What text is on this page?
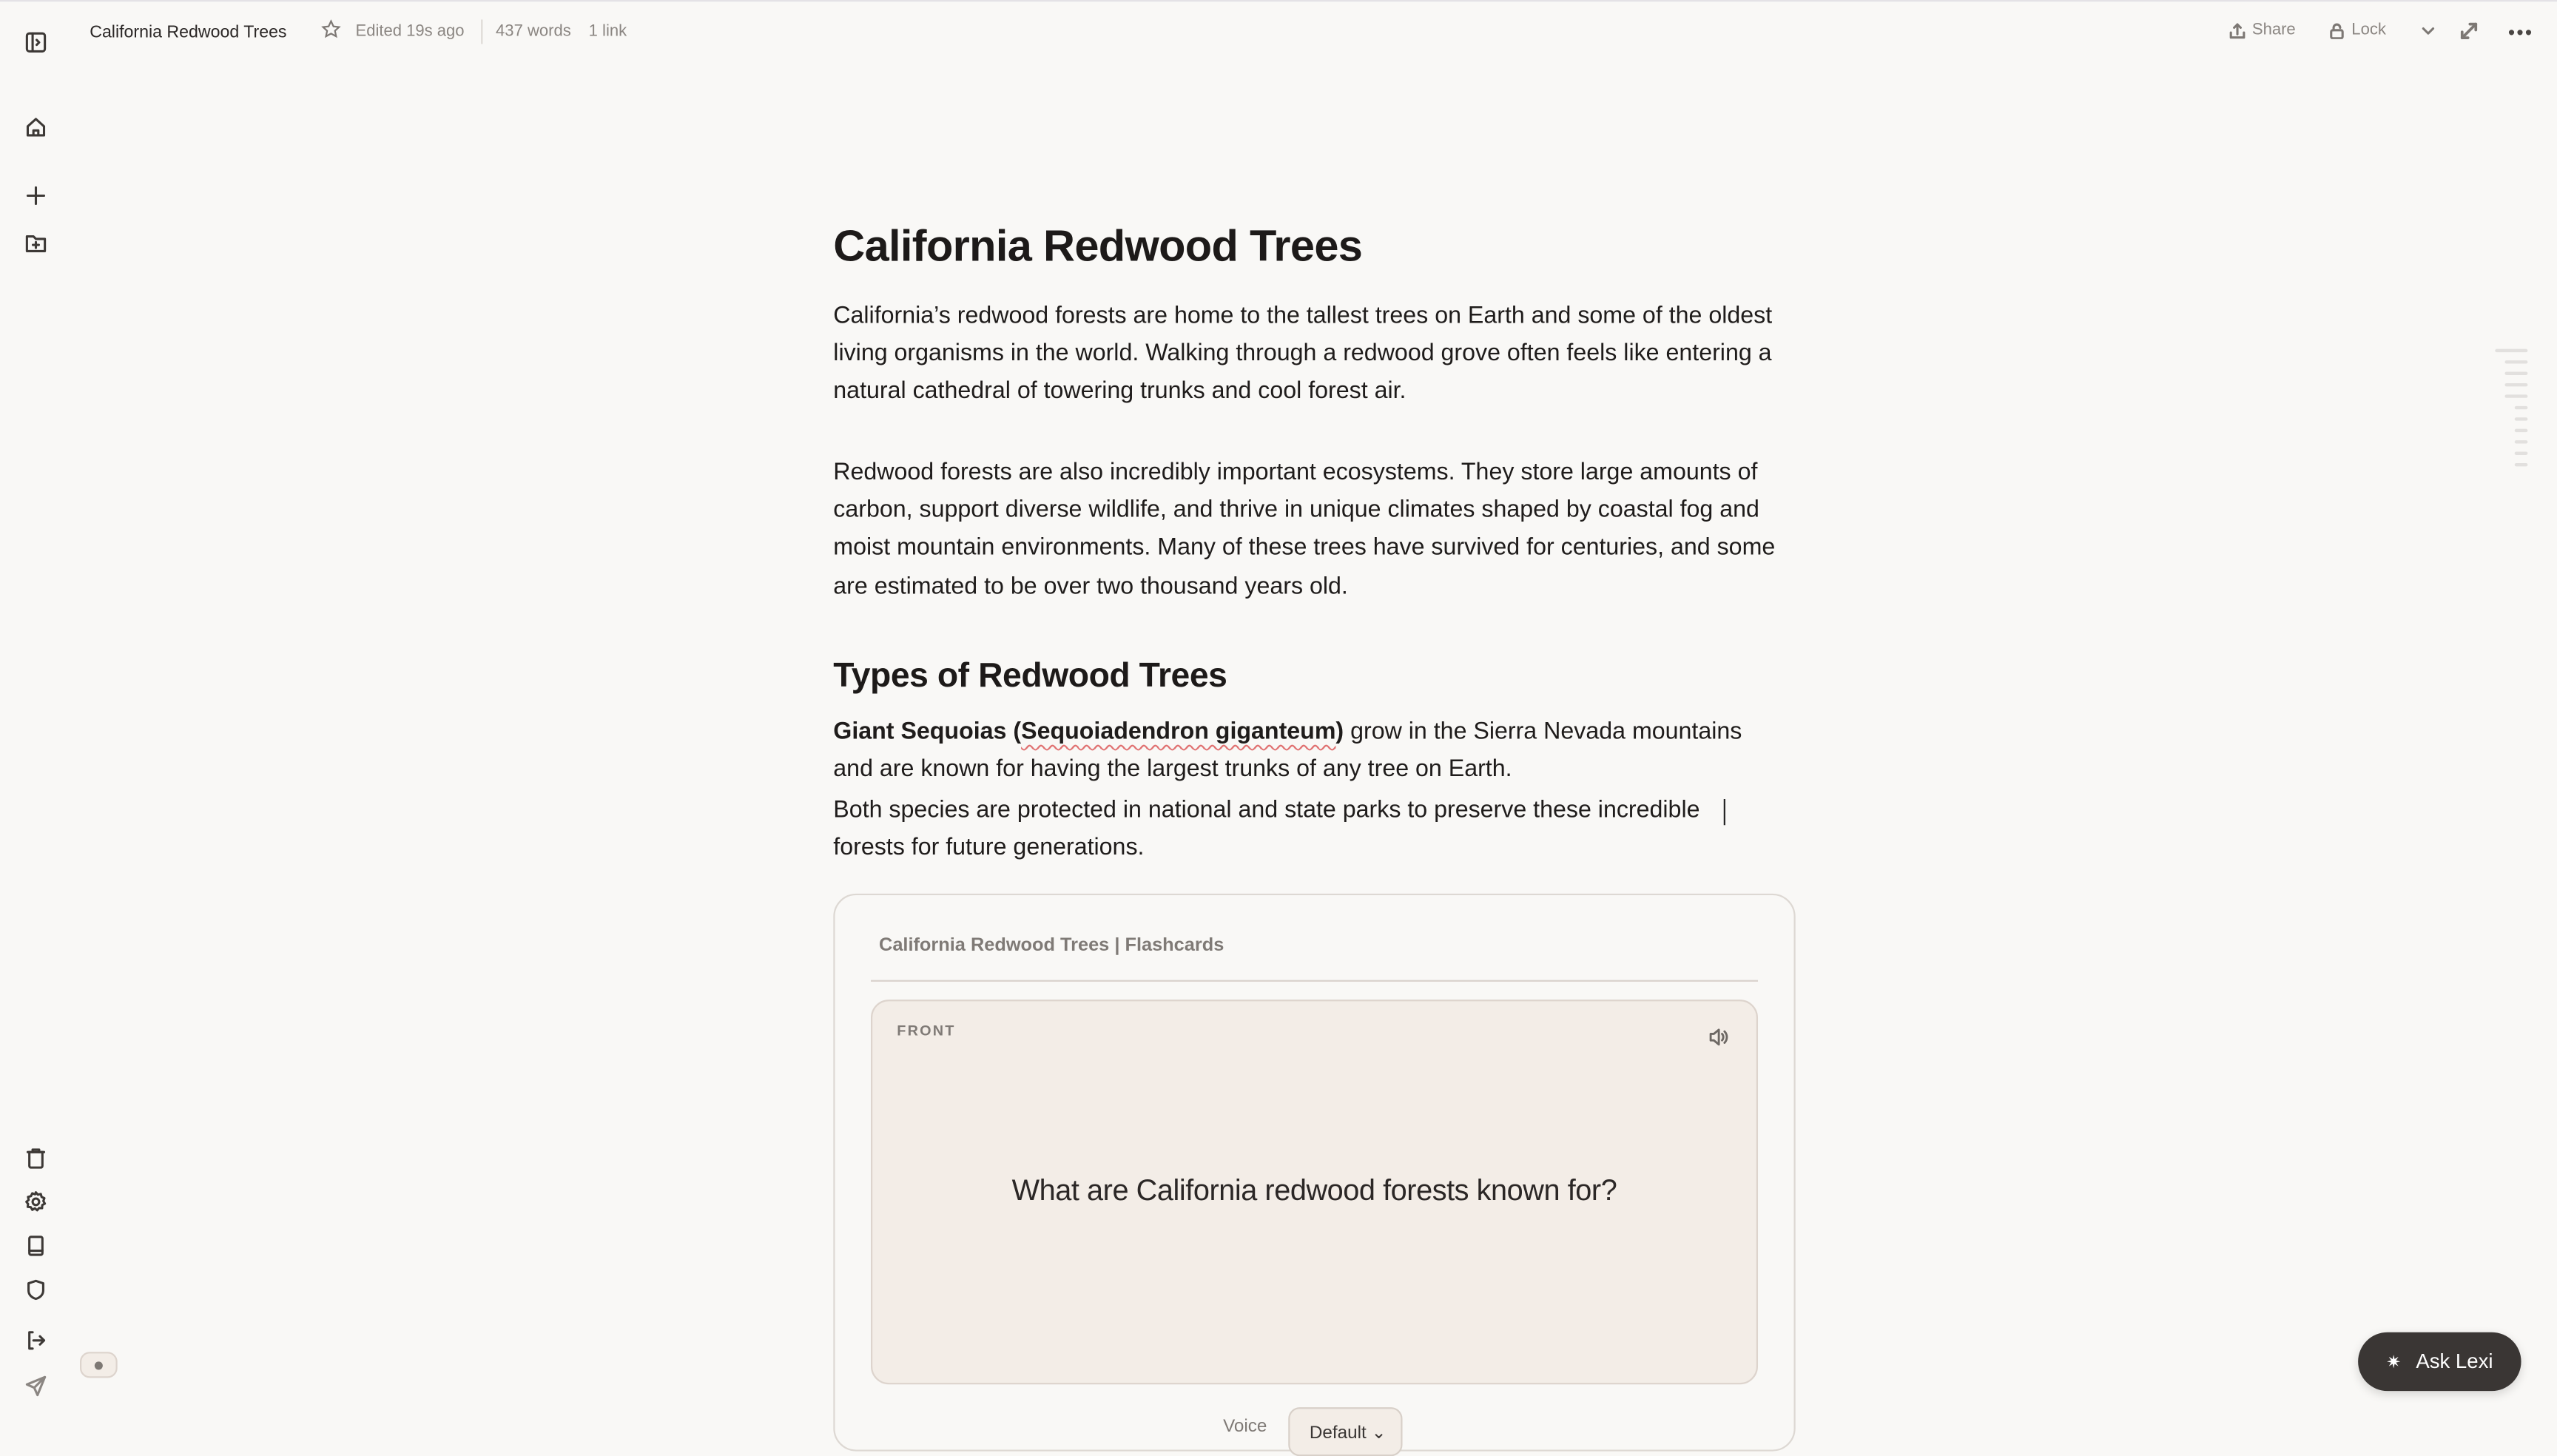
California Redwood Trees	Edited 19s ago	437 words 1 link	Share	Lock	•••
California Redwood Trees

California’s redwood forests are home to the tallest trees on Earth and some of the oldest living organisms in the world. Walking through a redwood grove often feels like entering a natural cathedral of towering trunks and cool forest air.

Redwood forests are also incredibly important ecosystems. They store large amounts of carbon, support diverse wildlife, and thrive in unique climates shaped by coastal fog and moist mountain environments. Many of these trees have survived for centuries, and some are estimated to be over two thousand years old.

Types of Redwood Trees

Giant Sequoias (Sequoiadendron giganteum) grow in the Sierra Nevada mountains and are known for having the largest trunks of any tree on Earth.

Both species are protected in national and state parks to preserve these incredible forests for future generations.

California Redwood Trees | Flashcards
FRONT
What are California redwood forests known for?
Voice	Default ⌄
✷ Ask Lexi
